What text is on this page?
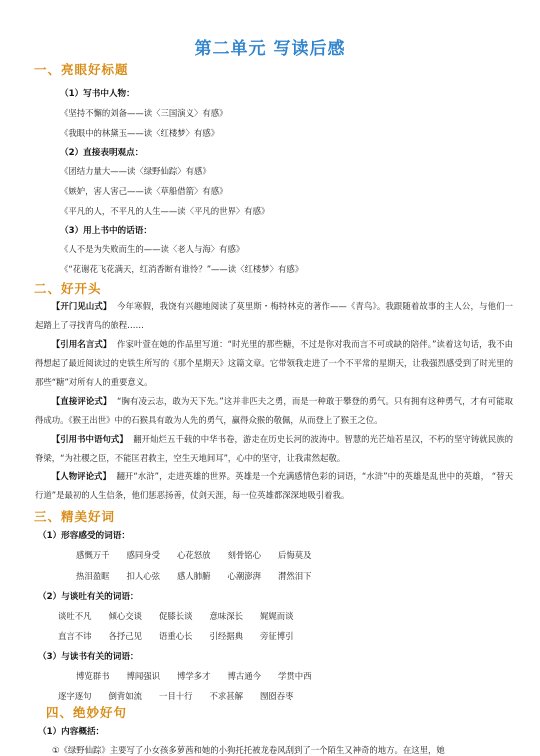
第二单元 写读后感
一、亮眼好标题
（1）写书中人物：
《坚持不懈的刘备——读〈三国演义〉有感》
《我眼中的林黛玉——读〈红楼梦〉有感》
（2）直接表明观点：
《团结力量大——读〈绿野仙踪〉有感》
《嫉妒，害人害己——读〈草船借箭〉有感》
《平凡的人，不平凡的人生——读〈平凡的世界〉有感》
（3）用上书中的话语：
《人不是为失败而生的——读〈老人与海〉有感》
《“花谢花飞花满天，红消香断有谁怜？”——读〈红楼梦〉有感》
二、好开头
【开门见山式】 今年寒假，我饶有兴趣地阅读了莫里斯・梅特林克的著作——《青鸟》。我跟随着故事的主人公，与他们一起踏上了寻找青鸟的旅程……
【引用名言式】 作家叶萱在她的作品里写道：“时光里的那些糖，不过是你对我而言不可或缺的陪伴。”读着这句话，我不由得想起了最近阅读过的史铁生所写的《那个星期天》这篇文章。它带领我走进了一个不平常的星期天，让我强烈感受到了时光里的那些“糖”对所有人的重要意义。
【直接评论式】 “胸有凌云志，敢为天下先。”这并非匹夫之勇，而是一种敢于攀登的勇气。只有拥有这种勇气，才有可能取得成功。《猴王出世》中的石猴具有敢为人先的勇气，赢得众猴的敬佩，从而登上了猴王之位。
【引用书中语句式】 翻开灿烂五千载的中华书卷，游走在历史长河的波涛中。智慧的光芒灿若星汉，不朽的坚守铸就民族的脊梁，“为社稷之臣，不能匡君救主，空生天地间耳”，心中的坚守，让我肃然起敬。
【人物评论式】 翻开“水浒”，走进英雄的世界。英雄是一个充满感情色彩的词语，“水浒”中的英雄是乱世中的英雄， “替天行道”是最初的人生信条，他们惩恶扬善，仗剑天涯，每一位英雄都深深地吸引着我。
三、精美好词
（1）形容感受的词语：
感慨万千 感同身受 心花怒放 刻骨铭心 后悔莫及
热泪盈眶 扣人心弦 感人肺腑 心潮澎湃 潸然泪下
（2）与谈吐有关的词语：
谈吐不凡 倾心交谈 促膝长谈 意味深长 娓娓而谈
直言不讳 各抒己见 语重心长 引经据典 旁征博引
（3）与读书有关的词语：
博览群书 博闻强识 博学多才 博古通今 学贯中西
逐字逐句 倒背如流 一目十行 不求甚解 囫囵吞枣
四、绝妙好句
（1）内容概括：
①《绿野仙踪》主要写了小女孩多萝茜和她的小狗托托被龙卷风刮到了一个陌生又神奇的地方。在这里，她
